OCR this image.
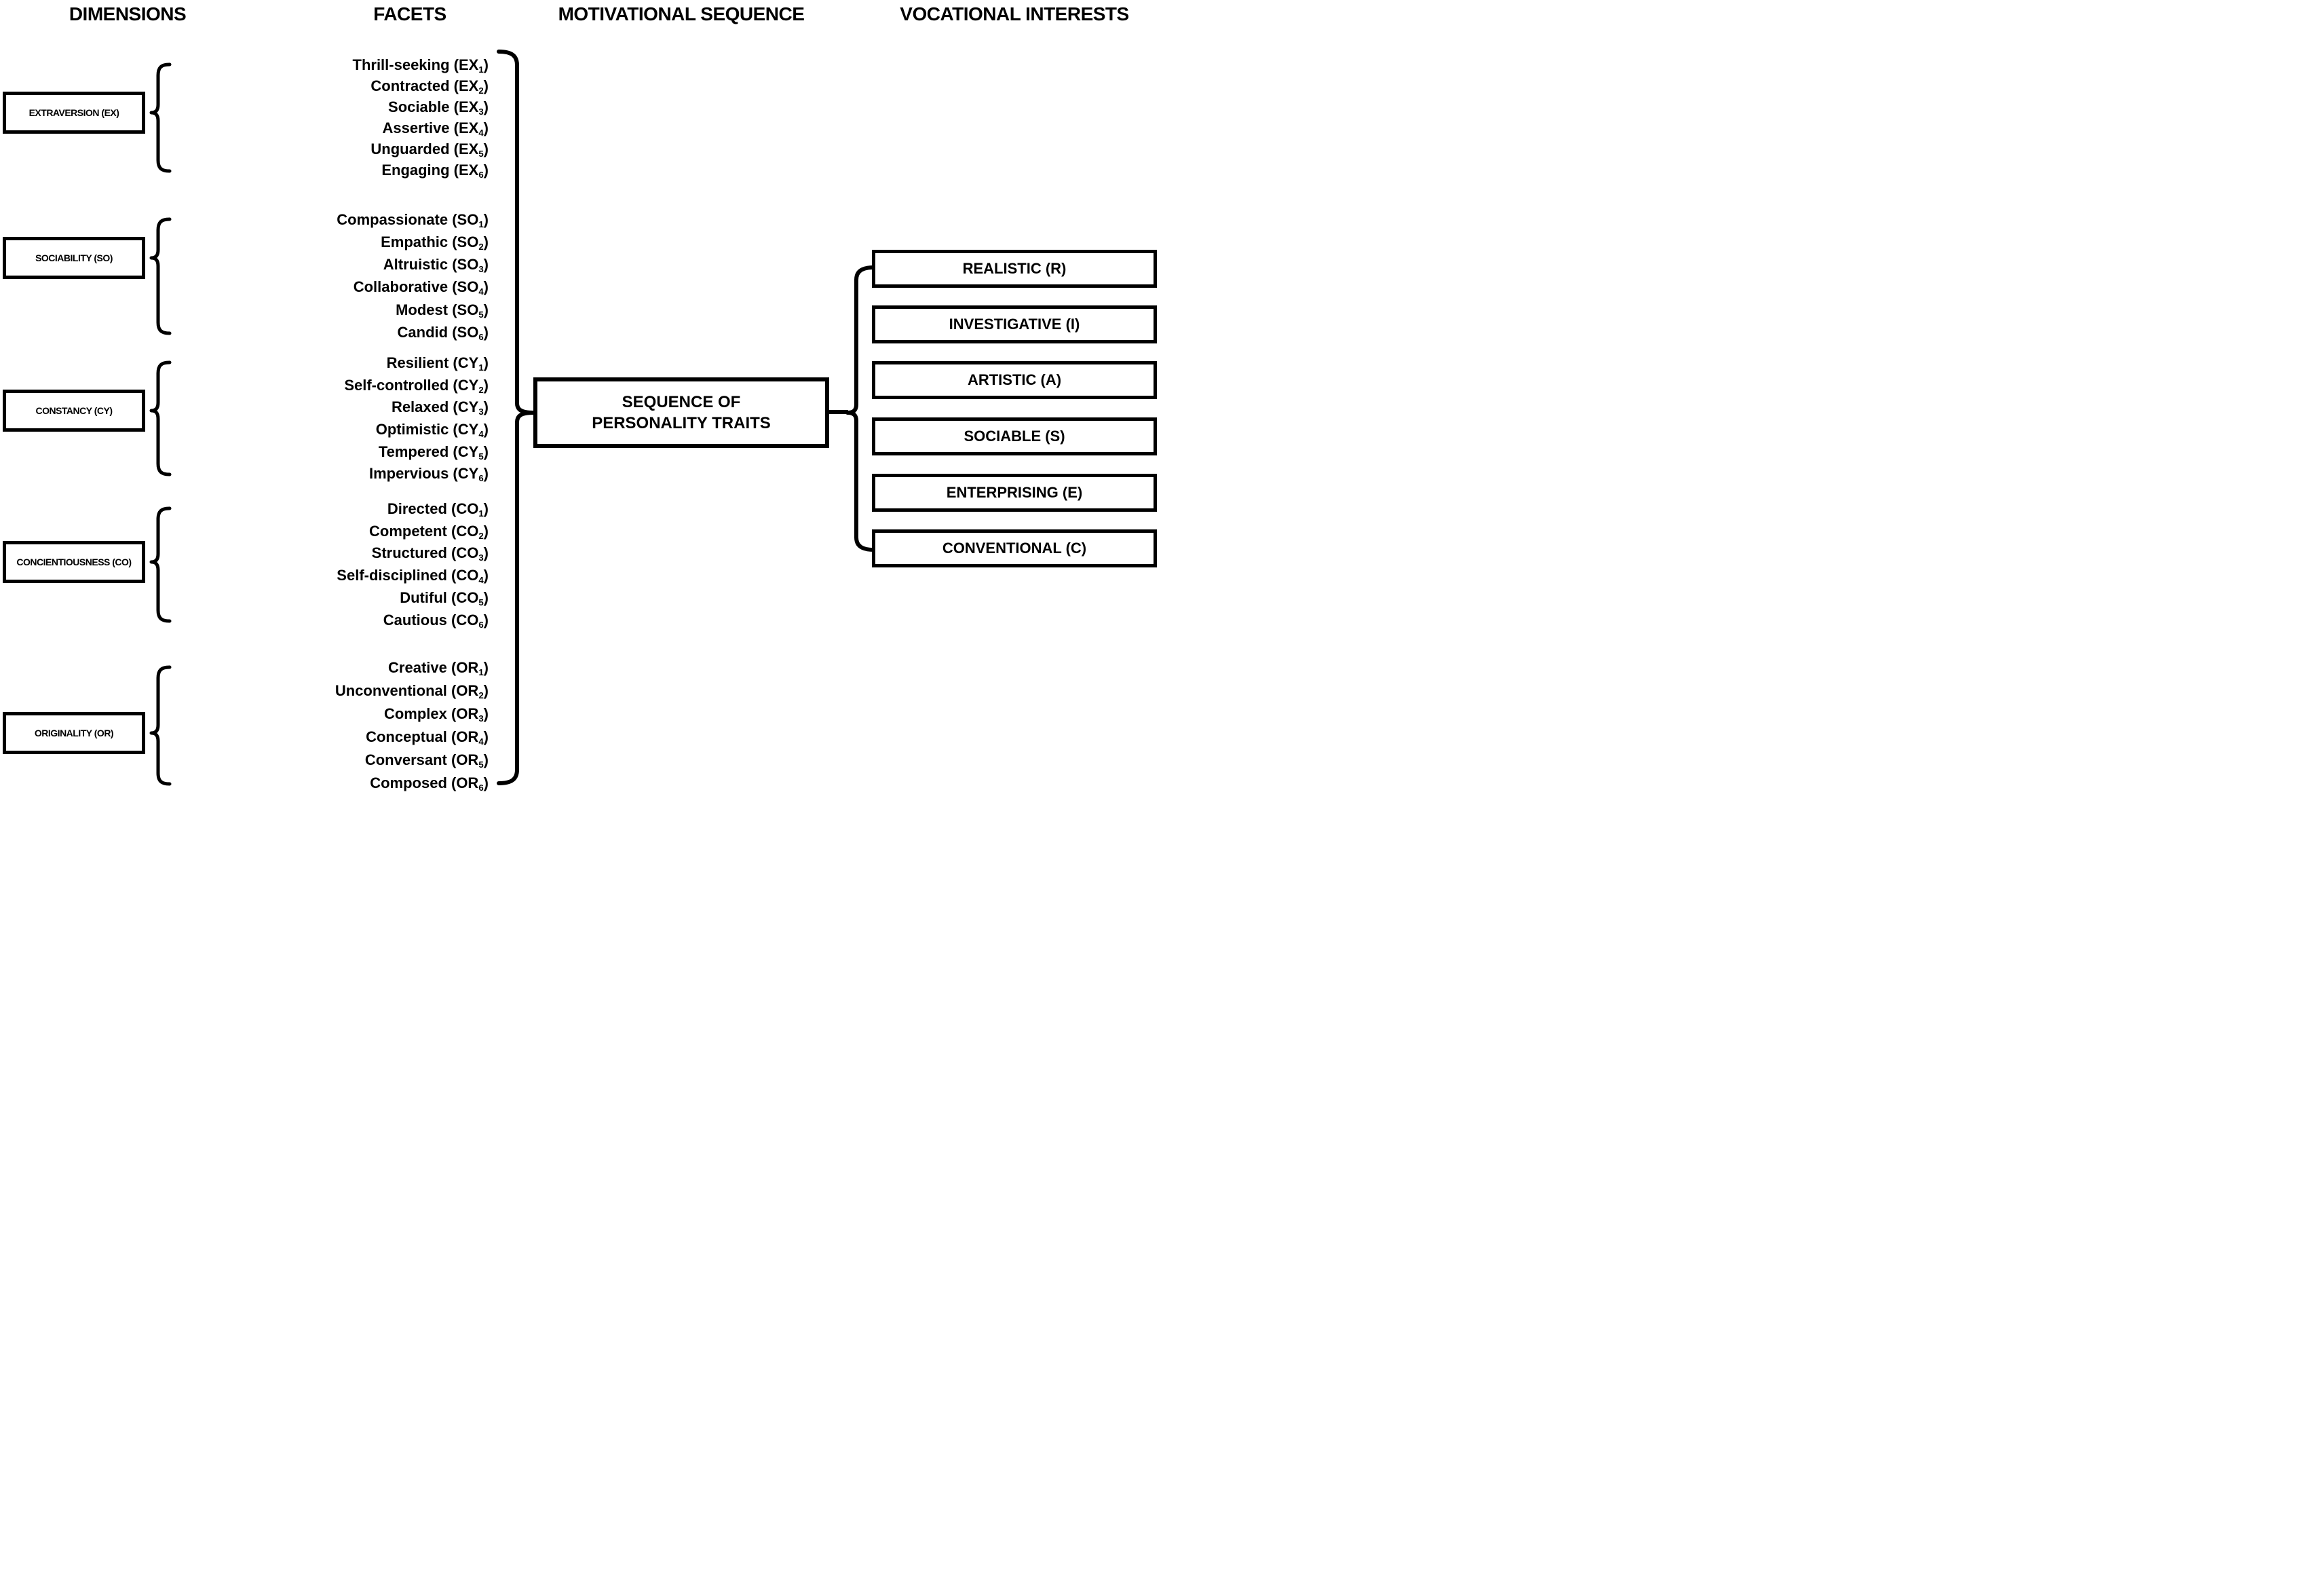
DIMENSIONS	FACETS	MOTIVATIONAL SEQUENCE	VOCATIONAL INTERESTS
EXTRAVERSION (EX)
SOCIABILITY (SO)
CONSTANCY (CY)
CONCIENTIOUSNESS (CO)
ORIGINALITY (OR)
Thrill-seeking $(EX_1)$
Contracted $(EX_2)$
Sociable $(EX_3)$
Assertive $(EX_4)$
Unguarded $(EX_5)$
Engaging $(EX_6)$
Compassionate $(SO_1)$
Empathic $(SO_2)$
Altruistic $(SO_3)$
Collaborative $(SO_4)$
Modest $(SO_5)$
Candid $(SO_6)$
Resilient $(CY_1)$
Self-controlled $(CY_2)$
Relaxed $(CY_3)$
Optimistic $(CY_4)$
Tempered $(CY_5)$
Impervious $(CY_6)$
Directed $(CO_1)$
Competent $(CO_2)$
Structured $(CO_3)$
Self-disciplined $(CO_4)$
Dutiful $(CO_5)$
Cautious $(CO_6)$
Creative $(OR_1)$
Unconventional $(OR_2)$
Complex $(OR_3)$
Conceptual $(OR_4)$
Conversant $(OR_5)$
Composed $(OR_6)$
SEQUENCE OF
PERSONALITY TRAITS
REALISTIC (R)
INVESTIGATIVE (I)
ARTISTIC (A)
SOCIABLE (S)
ENTERPRISING (E)
CONVENTIONAL (C)
